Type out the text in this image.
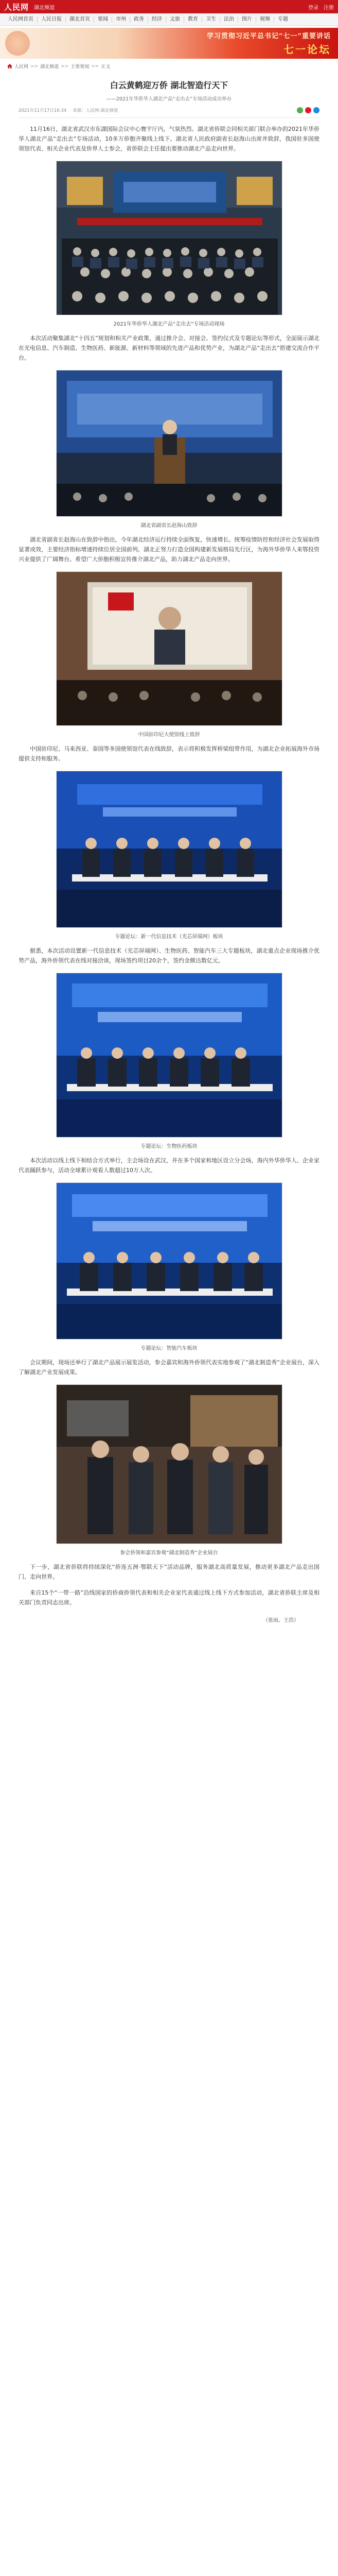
人民网 湖北频道	登录 注册
人民网首页	人民日报	湖北首页	要闻	市州	政务	经济	文旅	教育	卫生	法治	图片	视频	专题
学习贯彻习近平总书记“七一”重要讲话
七一论坛
人民网 >> 湖北频道 >> 主要要闻 >> 正文
白云黄鹤迎万侨 湖北智造行天下
——2021年华侨华人湖北产品“走出去”专场活动成功举办
2021年11月17日16:34 来源：人民网-湖北频道

11月16日，湖北省武汉市东湖国际会议中心寰宇厅内，气氛热烈。湖北省侨联会同相关部门联合举办的2021年华侨华人湖北产品“走出去”专场活动，10多万侨胞齐聚线上线下。湖北省人民政府副省长赵海山出席并致辞，我国驻多国使领馆代表、相关企业代表及侨界人士参会，省侨联会主任提出要推动湖北产品走向世界。

2021年华侨华人湖北产品“走出去”专场活动现场

本次活动聚集湖北“十四五”规划和相关产业政策，通过推介会、对接会、签约仪式及专题论坛等形式，全面展示湖北在光电信息、汽车制造、生物医药、新能源、新材料等领域的先进产品和优势产业，为湖北产品“走出去”搭建交流合作平台。

湖北省副省长赵海山致辞

湖北省副省长赵海山在致辞中指出，今年湖北经济运行持续全面恢复，快速增长。统筹疫情防控和经济社会发展取得显著成效，主要经济指标增速持续位居全国前列。湖北正努力打造全国构建新发展格局先行区，为海外华侨华人来鄂投资兴业提供了广阔舞台。希望广大侨胞积极宣传推介湖北产品，助力湖北产品走向世界。

中国驻印尼大使馆线上致辞

中国驻印尼、马来西亚、泰国等多国使领馆代表在线致辞，表示将积极发挥桥梁纽带作用，为湖北企业拓展海外市场提供支持和服务。

专题论坛：新一代信息技术（光芯屏端网）板块

据悉，本次活动设置新一代信息技术（光芯屏端网）、生物医药、智能汽车三大专题板块，湖北重点企业现场推介优势产品，海外侨领代表在线对接洽谈，现场签约项目20余个，签约金额达数亿元。

专题论坛：生物医药板块

本次活动以线上线下相结合方式举行，主会场设在武汉，并在多个国家和地区设立分会场，海内外华侨华人、企业家代表踊跃参与，活动全球累计观看人数超过10万人次。

专题论坛：智能汽车板块

会议期间，现场还举行了湖北产品展示展览活动，参会嘉宾和海外侨领代表实地参观了“湖北制造秀”企业展台，深入了解湖北产业发展成果。

参会侨领和嘉宾参观“湖北制造秀”企业展台

下一步，湖北省侨联将持续深化“侨连五洲·鄂联天下”活动品牌，服务湖北高质量发展，推动更多湖北产品走出国门、走向世界。

来自15个“一带一路”沿线国家的侨商侨领代表和相关企业家代表通过线上线下方式参加活动，湖北省侨联主席及相关部门负责同志出席。

（张雨、王浩）
